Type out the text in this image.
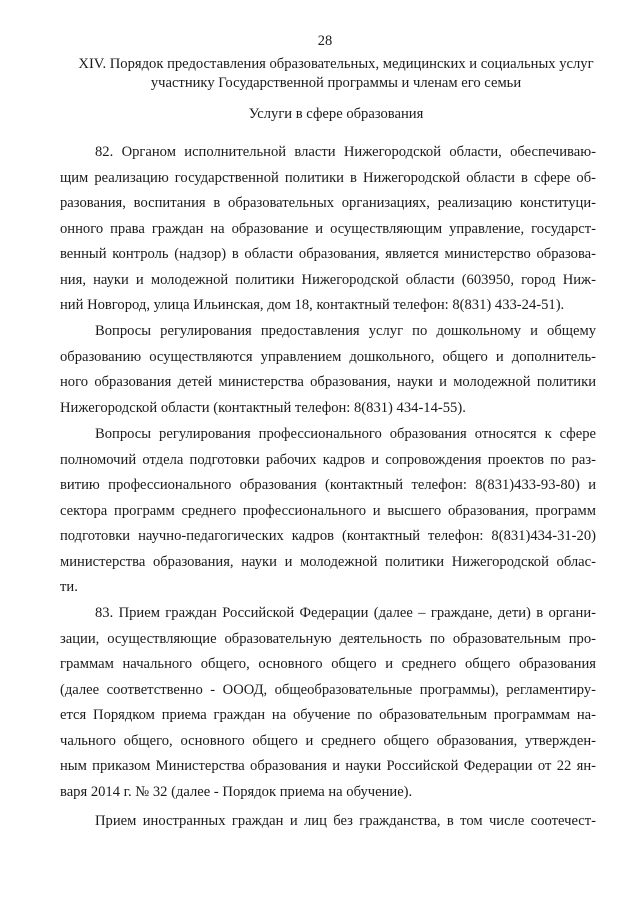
28
XIV. Порядок предоставления образовательных, медицинских и социальных услуг
участнику Государственной программы и членам его семьи
Услуги в сфере образования
82. Органом исполнительной власти Нижегородской области, обеспечиваю-
щим реализацию государственной политики в Нижегородской области в сфере об-
разования, воспитания в образовательных организациях, реализацию конституци-
онного права граждан на образование и осуществляющим управление, государст-
венный контроль (надзор) в области образования, является министерство образова-
ния, науки и молодежной политики Нижегородской области (603950, город Ниж-
ний Новгород, улица Ильинская, дом 18, контактный телефон: 8(831) 433-24-51).
Вопросы регулирования предоставления услуг по дошкольному и общему
образованию осуществляются управлением дошкольного, общего и дополнитель-
ного образования детей министерства образования, науки и молодежной политики
Нижегородской области (контактный телефон: 8(831) 434-14-55).
Вопросы регулирования профессионального образования относятся к сфере
полномочий отдела подготовки рабочих кадров и сопровождения проектов по раз-
витию профессионального образования (контактный телефон: 8(831)433-93-80) и
сектора программ среднего профессионального и высшего образования, программ
подготовки научно-педагогических кадров (контактный телефон: 8(831)434-31-20)
министерства образования, науки и молодежной политики Нижегородской облас-
ти.
83. Прием граждан Российской Федерации (далее – граждане, дети) в органи-
зации, осуществляющие образовательную деятельность по образовательным про-
граммам начального общего, основного общего и среднего общего образования
(далее соответственно - ОООД, общеобразовательные программы), регламентиру-
ется Порядком приема граждан на обучение по образовательным программам на-
чального общего, основного общего и среднего общего образования, утвержден-
ным приказом Министерства образования и науки Российской Федерации от 22 ян-
варя 2014 г. № 32 (далее - Порядок приема на обучение).
Прием иностранных граждан и лиц без гражданства, в том числе соотечест-
